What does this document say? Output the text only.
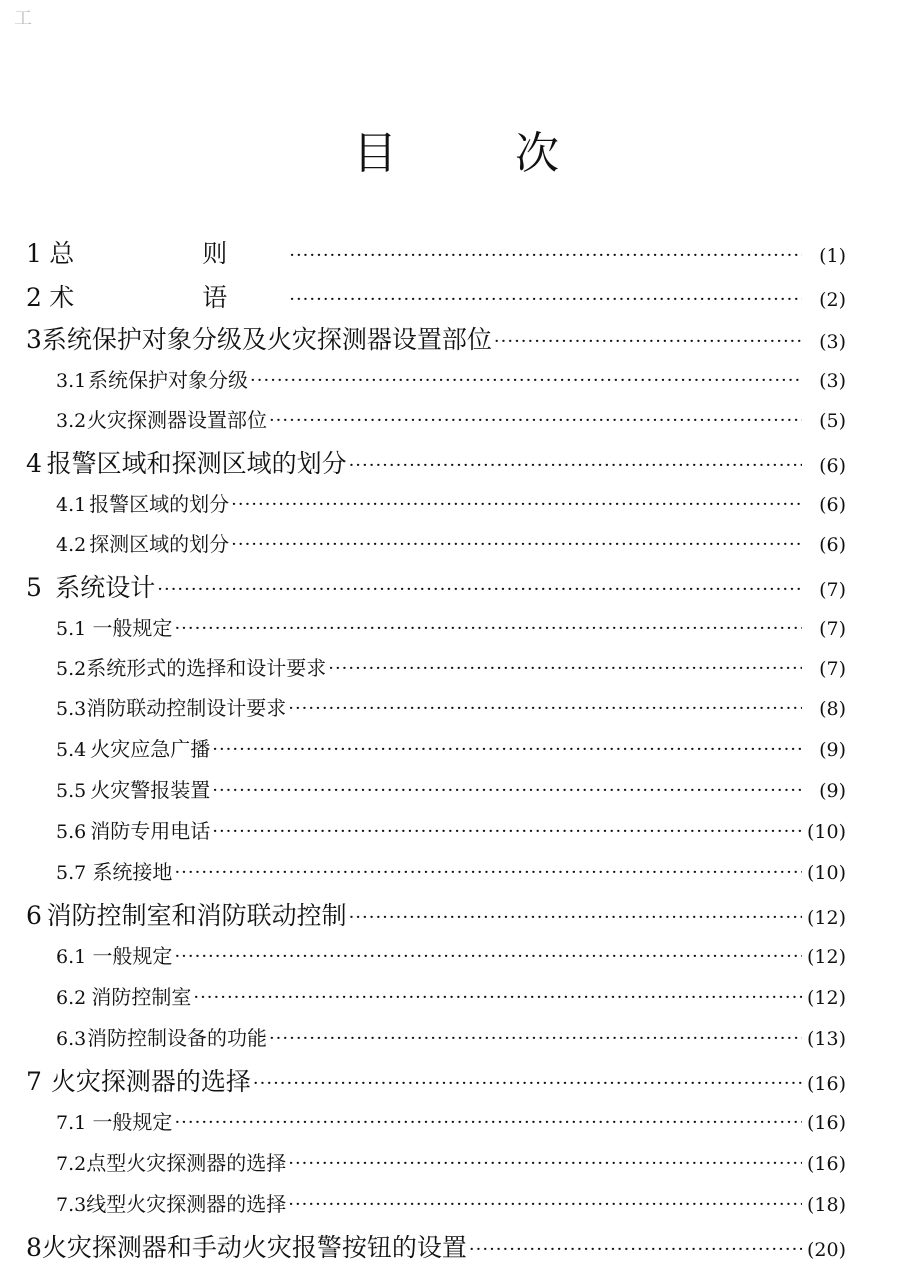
工
目 次
1 总 则 ·····	(1)
2 术 语 ·····	(2)
3 系统保护对象分级及火灾探测器设置部位 ·····	(3)
3.1 系统保护对象分级 ·····	(3)
3.2 火灾探测器设置部位 ·····	(5)
4 报警区域和探测区域的划分 ·····	(6)
4.1 报警区域的划分 ·····	(6)
4.2 探测区域的划分 ·····	(6)
5 系统设计 ·····	(7)
5.1 一般规定 ·····	(7)
5.2 系统形式的选择和设计要求 ·····	(7)
5.3 消防联动控制设计要求 ·····	(8)
5.4 火灾应急广播 ·····	(9)
5.5 火灾警报装置 ·····	(9)
5.6 消防专用电话 ·····	(10)
5.7 系统接地 ·····	(10)
6 消防控制室和消防联动控制 ·····	(12)
6.1 一般规定 ·····	(12)
6.2 消防控制室 ·····	(12)
6.3 消防控制设备的功能 ·····	(13)
7 火灾探测器的选择 ·····	(16)
7.1 一般规定 ·····	(16)
7.2 点型火灾探测器的选择 ·····	(16)
7.3 线型火灾探测器的选择 ·····	(18)
8 火灾探测器和手动火灾报警按钮的设置 ·····	(20)
